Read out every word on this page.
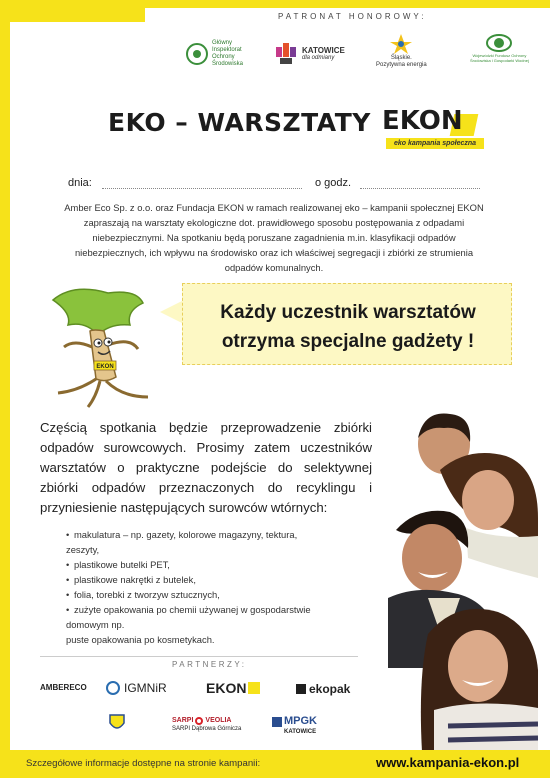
PATRONAT HONOROWY:
Główny
Inspektorat
Ochrony
Środowiska
KATOWICE
dla odmiany	Śląskie.
Pozytywna energia
Wojewódzki Fundusz Ochrony
Środowiska i Gospodarki Wodnej
EKO – WARSZTATY EKON
eko kampania społeczna
dnia:	o godz.
Amber Eco Sp. z o.o. oraz Fundacja EKON w ramach realizowanej eko – kampanii społecznej EKON zapraszają na warsztaty ekologiczne dot. prawidłowego sposobu postępowania z odpadami niebezpiecznymi. Na spotkaniu będą poruszane zagadnienia m.in. klasyfikacji odpadów niebezpiecznych, ich wpływu na środowisko oraz ich właściwej segregacji i zbiórki ze strumienia odpadów komunalnych.
EKON
Każdy uczestnik warsztatów
otrzyma specjalne gadżety !
Częścią spotkania będzie przeprowadzenie zbiórki odpadów surowcowych. Prosimy zatem uczestników warsztatów o praktyczne podejście do selektywnej zbiórki odpadów przeznaczonych do recyklingu i przyniesienie następujących surowców wtórnych:
• makulatura – np. gazety, kolorowe magazyny, tektura,
zeszyty,
• plastikowe butelki PET,
• plastikowe nakrętki z butelek,
• folia, torebki z tworzyw sztucznych,
• zużyte opakowania po chemii używanej w gospodarstwie
domowym np.
puste opakowania po kosmetykach.
PARTNERZY:
AMBERECO	IGMNiR	EKON	ekopak
SARPI VEOLIA
SARPI Dąbrowa Górnicza
MPGK
KATOWICE
Szczegółowe informacje dostępne na stronie kampanii:	www.kampania-ekon.pl
